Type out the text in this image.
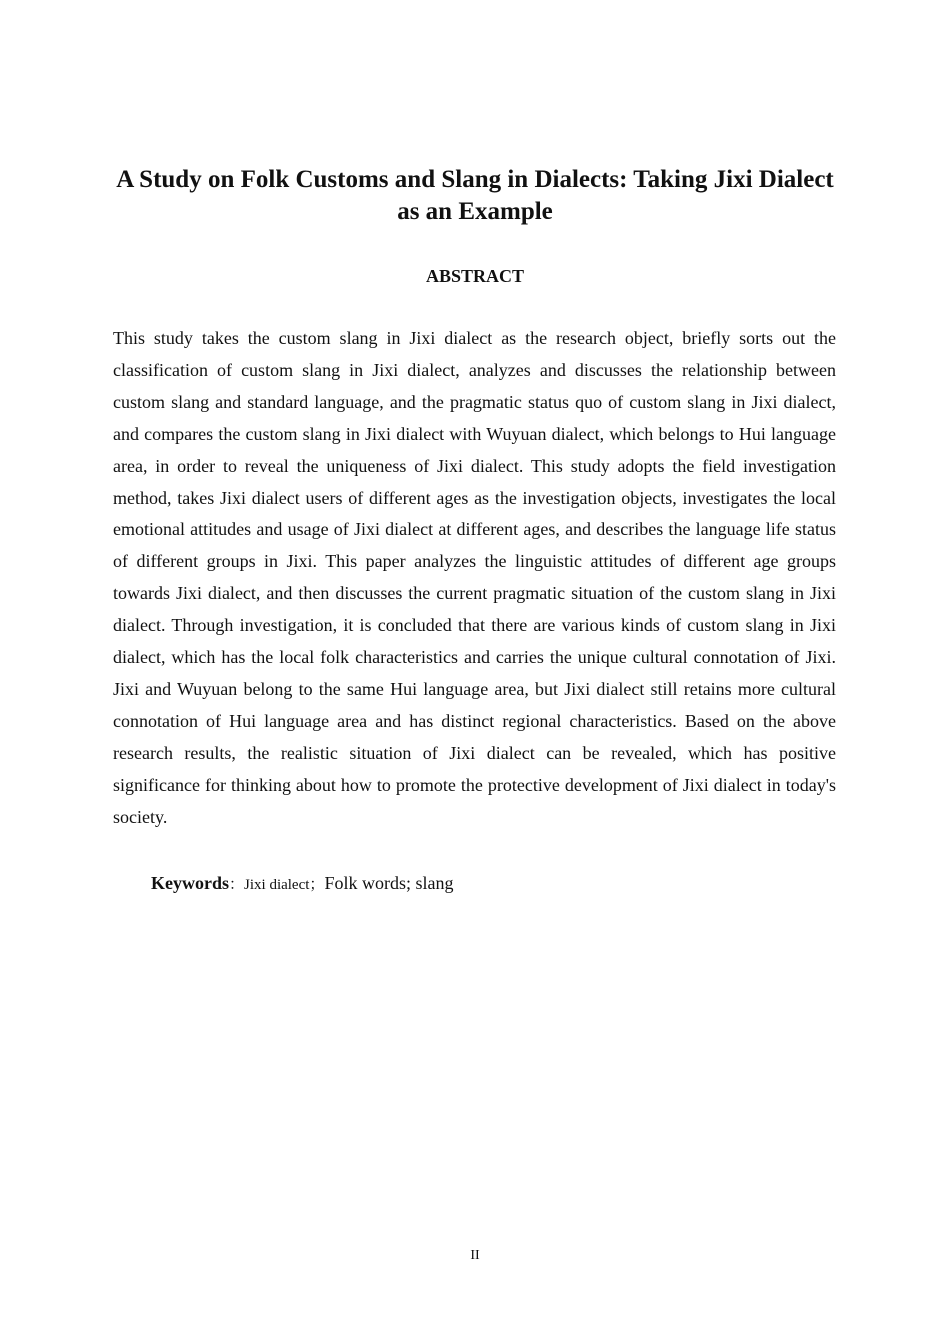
A Study on Folk Customs and Slang in Dialects: Taking Jixi Dialect as an Example
ABSTRACT

This study takes the custom slang in Jixi dialect as the research object, briefly sorts out the classification of custom slang in Jixi dialect, analyzes and discusses the relationship between custom slang and standard language, and the pragmatic status quo of custom slang in Jixi dialect, and compares the custom slang in Jixi dialect with Wuyuan dialect, which belongs to Hui language area, in order to reveal the uniqueness of Jixi dialect. This study adopts the field investigation method, takes Jixi dialect users of different ages as the investigation objects, investigates the local emotional attitudes and usage of Jixi dialect at different ages, and describes the language life status of different groups in Jixi. This paper analyzes the linguistic attitudes of different age groups towards Jixi dialect, and then discusses the current pragmatic situation of the custom slang in Jixi dialect. Through investigation, it is concluded that there are various kinds of custom slang in Jixi dialect, which has the local folk characteristics and carries the unique cultural connotation of Jixi. Jixi and Wuyuan belong to the same Hui language area, but Jixi dialect still retains more cultural connotation of Hui language area and has distinct regional characteristics. Based on the above research results, the realistic situation of Jixi dialect can be revealed, which has positive significance for thinking about how to promote the protective development of Jixi dialect in today's society.

Keywords：Jixi dialect；Folk words; slang

II
